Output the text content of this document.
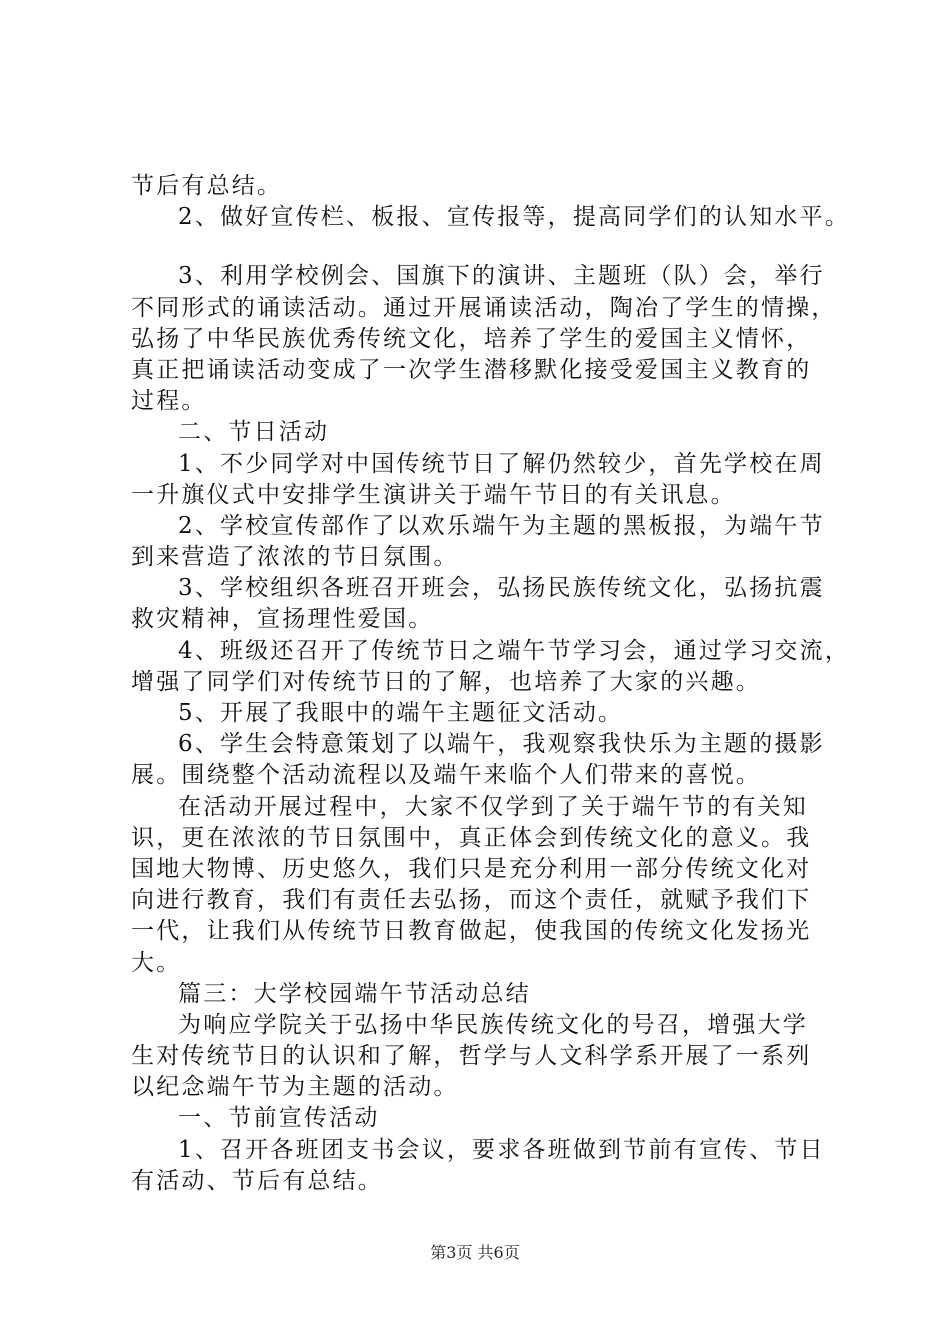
节后有总结。
2、做好宣传栏、板报、宣传报等，提高同学们的认知水平。
3、利用学校例会、国旗下的演讲、主题班（队）会，举行
不同形式的诵读活动。通过开展诵读活动，陶冶了学生的情操，
弘扬了中华民族优秀传统文化，培养了学生的爱国主义情怀，
真正把诵读活动变成了一次学生潜移默化接受爱国主义教育的
过程。
二、节日活动
1、不少同学对中国传统节日了解仍然较少，首先学校在周
一升旗仪式中安排学生演讲关于端午节日的有关讯息。
2、学校宣传部作了以欢乐端午为主题的黑板报，为端午节
到来营造了浓浓的节日氛围。
3、学校组织各班召开班会，弘扬民族传统文化，弘扬抗震
救灾精神，宣扬理性爱国。
4、班级还召开了传统节日之端午节学习会，通过学习交流，
增强了同学们对传统节日的了解，也培养了大家的兴趣。
5、开展了我眼中的端午主题征文活动。
6、学生会特意策划了以端午，我观察我快乐为主题的摄影
展。围绕整个活动流程以及端午来临个人们带来的喜悦。
在活动开展过程中，大家不仅学到了关于端午节的有关知
识，更在浓浓的节日氛围中，真正体会到传统文化的意义。我
国地大物博、历史悠久，我们只是充分利用一部分传统文化对
向进行教育，我们有责任去弘扬，而这个责任，就赋予我们下
一代，让我们从传统节日教育做起，使我国的传统文化发扬光
大。
篇三：大学校园端午节活动总结
为响应学院关于弘扬中华民族传统文化的号召，增强大学
生对传统节日的认识和了解，哲学与人文科学系开展了一系列
以纪念端午节为主题的活动。
一、节前宣传活动
1、召开各班团支书会议，要求各班做到节前有宣传、节日
有活动、节后有总结。
第3页 共6页
